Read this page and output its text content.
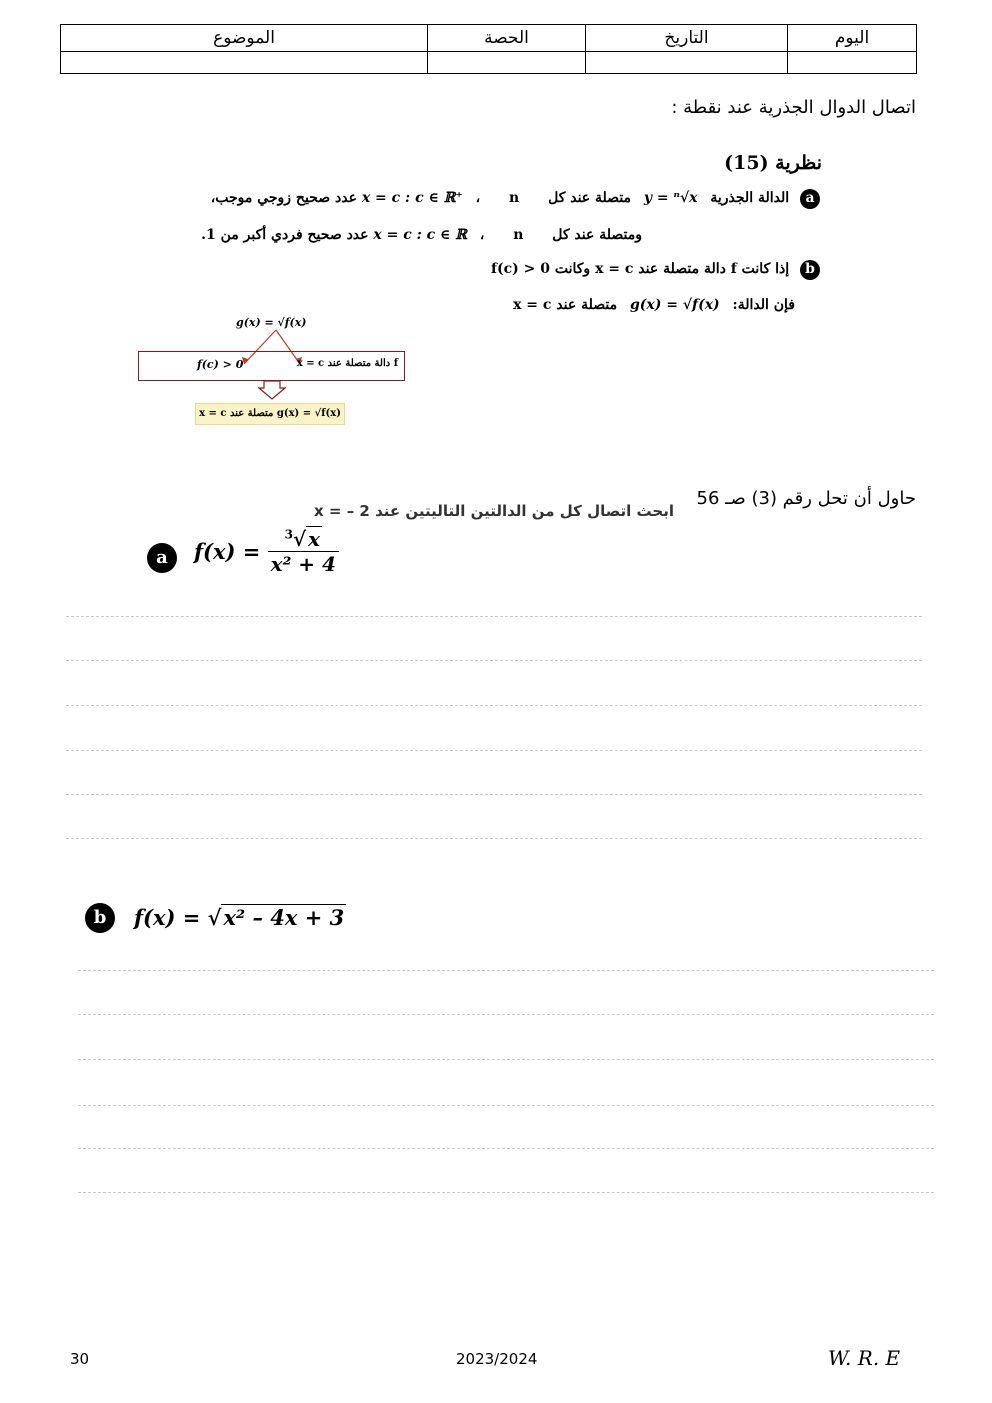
اليوم	التاريخ	الحصة	الموضوع

اتصال الدوال الجذرية عند نقطة :
نظرية (15)
a الدالة الجذرية y = ⁿ√x متصلة عند كل x = c : c ∈ ℝ⁺ ، n عدد صحيح زوجي موجب،
ومتصلة عند كل x = c : c ∈ ℝ ، n عدد صحيح فردي أكبر من 1.
b إذا كانت f دالة متصلة عند x = c وكانت f(c) > 0
فإن الدالة: g(x) = √f(x) متصلة عند x = c
g(x) = √f(x)
f(c) > 0	f دالة متصلة عند x = c
g(x) = √f(x) متصلة عند x = c
حاول أن تحل رقم (3) صـ 56
ابحث اتصال كل من الدالتين التاليتين عند x = – 2
a	$f(x) = \frac{^3√ x}{\text{x² + 4}}$
b	f(x) = √x² – 4x + 3
30	2023/2024	W. R. E
